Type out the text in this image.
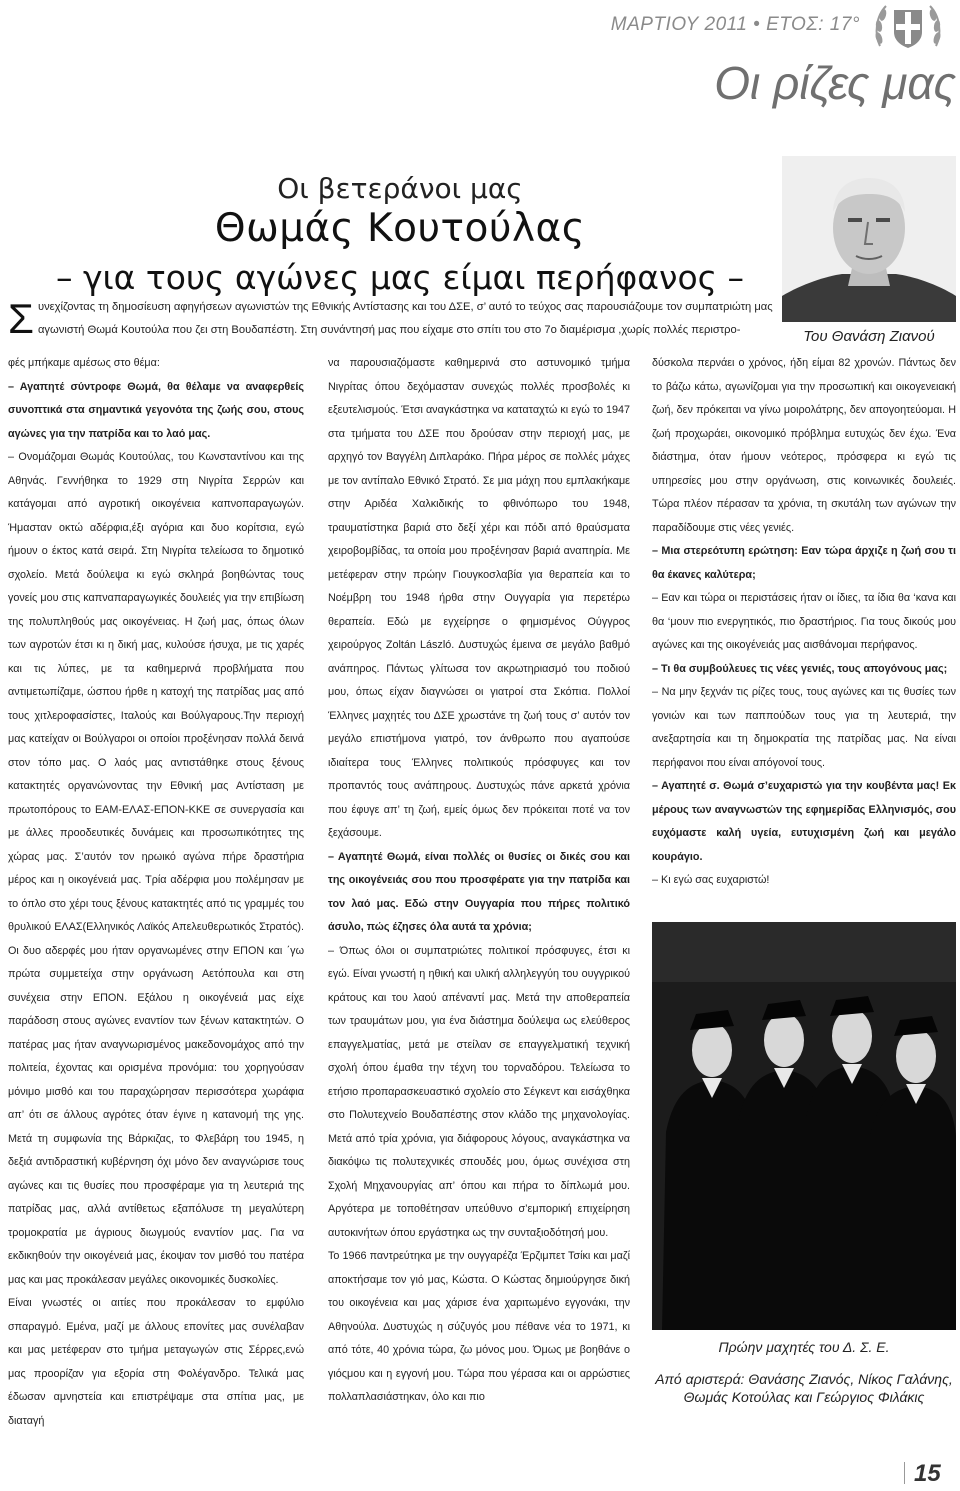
ΜΑΡΤΙΟΥ 2011 • ΕΤΟΣ: 17°
Οι ρίζες μας
Οι βετεράνοι μας
Θωμάς Κουτούλας
– για τους αγώνες μας είμαι περήφανος –
Του Θανάση Ζιανού
Συνεχίζοντας τη δημοσίευση αφηγήσεων αγωνιστών της Εθνικής Αντίστασης και του ΔΣΕ, σ’ αυτό το τεύχος σας παρουσιάζουμε τον συμπατριώτη μας αγωνιστή Θωμά Κουτούλα που ζει στη Βουδαπέστη. Στη συνάντησή μας που είχαμε στο σπίτι του στο 7ο διαμέρισμα ,χωρίς πολλές περιστρο-

φές μπήκαμε αμέσως στο θέμα:

– Αγαπητέ σύντροφε Θωμά, θα θέλαμε να αναφερθείς συνοπτικά στα σημαντικά γεγονότα της ζωής σου, στους αγώνες για την πατρίδα και το λαό μας.

– Ονομάζομαι Θωμάς Κουτούλας, του Κωνσταντίνου και της Αθηνάς. Γεννήθηκα το 1929 στη Νιγρίτα Σερρών και κατάγομαι από αγροτική οικογένεια καπνοπαραγωγών. Ήμασταν οκτώ αδέρφια,έξι αγόρια και δυο κορίτσια, εγώ ήμουν ο έκτος κατά σειρά. Στη Νιγρίτα τελείωσα το δημοτικό σχολείο. Μετά δούλεψα κι εγώ σκληρά βοηθώντας τους γονείς μου στις καπναπαραγωγικές δουλειές για την επιβίωση της πολυπληθούς μας οικογένειας. Η ζωή μας, όπως όλων των αγροτών έτσι κι η δική μας, κυλούσε ήσυχα, με τις χαρές και τις λύπες, με τα καθημερινά προβλήματα που αντιμετωπίζαμε, ώσπου ήρθε η κατοχή της πατρίδας μας από τους χιτλεροφασίστες, Ιταλούς και Βούλγαρους.Την περιοχή μας κατείχαν οι Βούλγαροι οι οποίοι προξένησαν πολλά δεινά στον τόπο μας. Ο λαός μας αντιστάθηκε στους ξένους κατακτητές οργανώνοντας την Εθνική μας Αντίσταση με πρωτοπόρους το ΕΑΜ-ΕΛΑΣ-ΕΠΟΝ-ΚΚΕ σε συνεργασία και με άλλες προοδευτικές δυνάμεις και προσωπικότητες της χώρας μας. Σ’αυτόν τον ηρωικό αγώνα πήρε δραστήρια μέρος και η οικογένειά μας. Τρία αδέρφια μου πολέμησαν με το όπλο στο χέρι τους ξένους κατακτητές από τις γραμμές του θρυλικού ΕΛΑΣ(Ελληνικός Λαϊκός Απελευθερωτικός Στρατός). Οι δυο αδερφές μου ήταν οργανωμένες στην ΕΠΟΝ και ΄γω πρώτα συμμετείχα στην οργάνωση Αετόπουλα και στη συνέχεια στην ΕΠΟΝ. Εξάλου η οικογένειά μας είχε παράδοση στους αγώνες εναντίον των ξένων κατακτητών. Ο πατέρας μας ήταν αναγνωρισμένος μακεδονομάχος από την πολιτεία, έχοντας και ορισμένα προνόμια: του χορηγούσαν μόνιμο μισθό και του παραχώρησαν περισσότερα χωράφια απ’ ότι σε άλλους αγρότες όταν έγινε η κατανομή της γης. Μετά τη συμφωνία της Βάρκιζας, το Φλεβάρη του 1945, η δεξιά αντιδραστική κυβέρνηση όχι μόνο δεν αναγνώρισε τους αγώνες και τις θυσίες που προσφέραμε για τη λευτεριά της πατρίδας μας, αλλά αντίθετως εξαπόλυσε τη μεγαλύτερη τρομοκρατία με άγριους διωγμούς εναντίον μας. Για να εκδικηθούν την οικογένειά μας, έκοψαν τον μισθό του πατέρα μας και μας προκάλεσαν μεγάλες οικονομικές δυσκολίες.

Είναι γνωστές οι αιτίες που προκάλεσαν το εμφύλιο σπαραγμό. Εμένα, μαζί με άλλους επονίτες μας συνέλαβαν και μας μετέφεραν στο τμήμα μεταγωγών στις Σέρρες,ενώ μας προορίζαν για εξορία στη Φολέγανδρο. Τελικά μας έδωσαν αμνηστεία και επιστρέψαμε στα σπίτια μας, με διαταγή

να παρουσιαζόμαστε καθημερινά στο αστυνομικό τμήμα Νιγρίτας όπου δεχόμασταν συνεχώς πολλές προσβολές κι εξευτελισμούς. Έτσι αναγκάστηκα να καταταχτώ κι εγώ το 1947 στα τμήματα του ΔΣΕ που δρούσαν στην περιοχή μας, με αρχηγό τον Βαγγέλη Διπλαράκο. Πήρα μέρος σε πολλές μάχες με τον αντίπαλο Εθνικό Στρατό. Σε μια μάχη που εμπλακήκαμε στην Αριδέα Χαλκιδικής το φθινόπωρο του 1948, τραυματίστηκα βαριά στο δεξί χέρι και πόδι από θραύσματα χειροβομβίδας, τα οποία μου προξένησαν βαριά αναπηρία. Με μετέφεραν στην πρώην Γιουγκοσλαβία για θεραπεία και το Νοέμβρη του 1948 ήρθα στην Ουγγαρία για περετέρω θεραπεία. Εδώ με εγχείρησε ο φημισμένος Ούγγρος χειρούργος Zoltán László. Δυστυχώς έμεινα σε μεγάλο βαθμό ανάπηρος. Πάντως γλίτωσα τον ακρωτηριασμό του ποδιού μου, όπως είχαν διαγνώσει οι γιατροί στα Σκόπια. Πολλοί Έλληνες μαχητές του ΔΣΕ χρωστάνε τη ζωή τους σ’ αυτόν τον μεγάλο επιστήμονα γιατρό, τον άνθρωπο που αγαπούσε ιδιαίτερα τους Έλληνες πολιτικούς πρόσφυγες και τον προπαντός τους ανάπηρους. Δυστυχώς πάνε αρκετά χρόνια που έφυγε απ’ τη ζωή, εμείς όμως δεν πρόκειται ποτέ να τον ξεχάσουμε.

– Αγαπητέ Θωμά, είναι πολλές οι θυσίες οι δικές σου και της οικογένειάς σου που προσφέρατε για την πατρίδα και τον λαό μας. Εδώ στην Ουγγαρία που πήρες πολιτικό άσυλο, πώς έζησες όλα αυτά τα χρόνια;

– Όπως όλοι οι συμπατριώτες πολιτικοί πρόσφυγες, έτσι κι εγώ. Είναι γνωστή η ηθική και υλική αλληλεγγύη του ουγγρικού κράτους και του λαού απέναντί μας. Μετά την αποθεραπεία των τραυμάτων μου, για ένα διάστημα δούλεψα ως ελεύθερος επαγγελματίας, μετά με στείλαν σε επαγγελματική τεχνική σχολή όπου έμαθα την τέχνη του τορναδόρου. Τελείωσα το ετήσιο προπαρασκευαστικό σχολείο στο Σέγκεντ και εισάχθηκα στο Πολυτεχνείο Βουδαπέστης στον κλάδο της μηχανολογίας. Μετά από τρία χρόνια, για διάφορους λόγους, αναγκάστηκα να διακόψω τις πολυτεχνικές σπουδές μου, όμως συνέχισα στη Σχολή Μηχανουργίας απ’ όπου και πήρα το δίπλωμά μου. Αργότερα με τοποθέτησαν υπεύθυνο σ’εμπορική επιχείρηση αυτοκινήτων όπου εργάστηκα ως την συνταξιοδότησή μου.

Το 1966 παντρεύτηκα με την ουγγαρέζα Έρζιμπετ Τσίκι και μαζί αποκτήσαμε τον γιό μας, Κώστα. Ο Κώστας δημιούργησε δική του οικογένεια και μας χάρισε ένα χαριτωμένο εγγονάκι, την Αθηνούλα. Δυστυχώς η σύζυγός μου πέθανε νέα το 1971, κι από τότε, 40 χρόνια τώρα, ζω μόνος μου. Όμως με βοηθάνε ο γιόςμου και η εγγονή μου. Τώρα που γέρασα και οι αρρώστιες πολλαπλασιάστηκαν, όλο και πιο

δύσκολα περνάει ο χρόνος, ήδη είμαι 82 χρονών. Πάντως δεν το βάζω κάτω, αγωνίζομαι για την προσωπική και οικογενειακή ζωή, δεν πρόκειται να γίνω μοιρολάτρης, δεν απογοητεύομαι. Η ζωή προχωράει, οικονομικό πρόβλημα ευτυχώς δεν έχω. Ένα διάστημα, όταν ήμουν νεότερος, πρόσφερα κι εγώ τις υπηρεσίες μου στην οργάνωση, στις κοινωνικές δουλειές. Τώρα πλέον πέρασαν τα χρόνια, τη σκυτάλη των αγώνων την παραδίδουμε στις νέες γενιές.

– Μια στερεότυπη ερώτηση: Εαν τώρα άρχιζε η ζωή σου τι θα έκανες καλύτερα;

– Εαν και τώρα οι περιστάσεις ήταν οι ίδιες, τα ίδια θα ‘κανα και θα ‘μουν πιο ενεργητικός, πιο δραστήριος. Για τους δικούς μου αγώνες και της οικογένειάς μας αισθάνομαι περήφανος.

– Τι θα συμβούλευες τις νέες γενιές, τους απογόνους μας;

– Να μην ξεχνάν τις ρίζες τους, τους αγώνες και τις θυσίες των γονιών και των παππούδων τους για τη λευτεριά, την ανεξαρτησία και τη δημοκρατία της πατρίδας μας. Να είναι περήφανοι που είναι απόγονοί τους.

– Αγαπητέ σ. Θωμά σ’ευχαριστώ για την κουβέντα μας! Εκ μέρους των αναγνωστών της εφημερίδας Ελληνισμός, σου ευχόμαστε καλή υγεία, ευτυχισμένη ζωή και μεγάλο κουράγιο.

– Κι εγώ σας ευχαριστώ!

Πρώην μαχητές του Δ. Σ. Ε.
Από αριστερά: Θανάσης Ζιανός, Νίκος Γαλάνης, Θωμάς Κοτούλας και Γεώργιος Φιλάκις
15
